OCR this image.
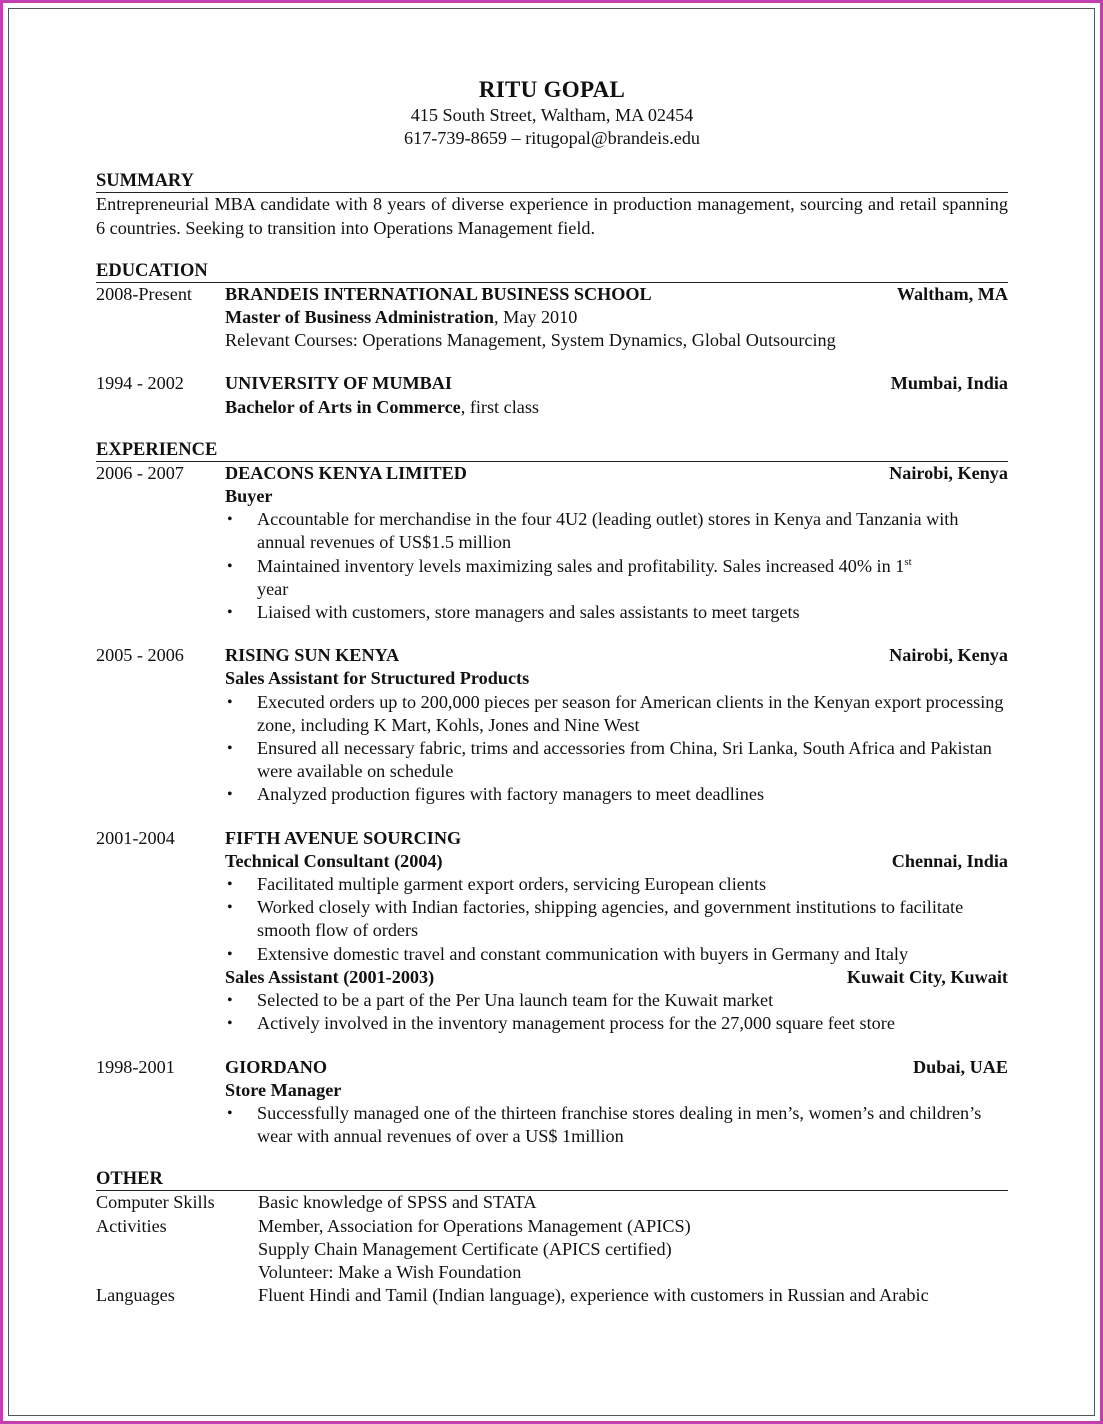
RITU GOPAL
415 South Street, Waltham, MA 02454
617-739-8659 – ritugopal@brandeis.edu
SUMMARY
Entrepreneurial MBA candidate with 8 years of diverse experience in production management, sourcing and retail spanning 6 countries. Seeking to transition into Operations Management field.
EDUCATION
2008-Present	BRANDEIS INTERNATIONAL BUSINESS SCHOOL	Waltham, MA
Master of Business Administration, May 2010
Relevant Courses: Operations Management, System Dynamics, Global Outsourcing
1994 - 2002	UNIVERSITY OF MUMBAI	Mumbai, India
Bachelor of Arts in Commerce, first class
EXPERIENCE
2006 - 2007	DEACONS KENYA LIMITED	Nairobi, Kenya
Buyer
• Accountable for merchandise in the four 4U2 (leading outlet) stores in Kenya and Tanzania with annual revenues of US$1.5 million
• Maintained inventory levels maximizing sales and profitability. Sales increased 40% in 1st
year
• Liaised with customers, store managers and sales assistants to meet targets
2005 - 2006	RISING SUN KENYA	Nairobi, Kenya
Sales Assistant for Structured Products
• Executed orders up to 200,000 pieces per season for American clients in the Kenyan export processing zone, including K Mart, Kohls, Jones and Nine West
• Ensured all necessary fabric, trims and accessories from China, Sri Lanka, South Africa and Pakistan were available on schedule
• Analyzed production figures with factory managers to meet deadlines
2001-2004	FIFTH AVENUE SOURCING
Technical Consultant (2004)	Chennai, India
• Facilitated multiple garment export orders, servicing European clients
• Worked closely with Indian factories, shipping agencies, and government institutions to facilitate smooth flow of orders
• Extensive domestic travel and constant communication with buyers in Germany and Italy
Sales Assistant (2001-2003)	Kuwait City, Kuwait
• Selected to be a part of the Per Una launch team for the Kuwait market
• Actively involved in the inventory management process for the 27,000 square feet store
1998-2001	GIORDANO	Dubai, UAE
Store Manager
• Successfully managed one of the thirteen franchise stores dealing in men’s, women’s and children’s wear with annual revenues of over a US$ 1million
OTHER
Computer Skills	Basic knowledge of SPSS and STATA
Activities	Member, Association for Operations Management (APICS)
Supply Chain Management Certificate (APICS certified)
Volunteer: Make a Wish Foundation
Languages	Fluent Hindi and Tamil (Indian language), experience with customers in Russian and Arabic
